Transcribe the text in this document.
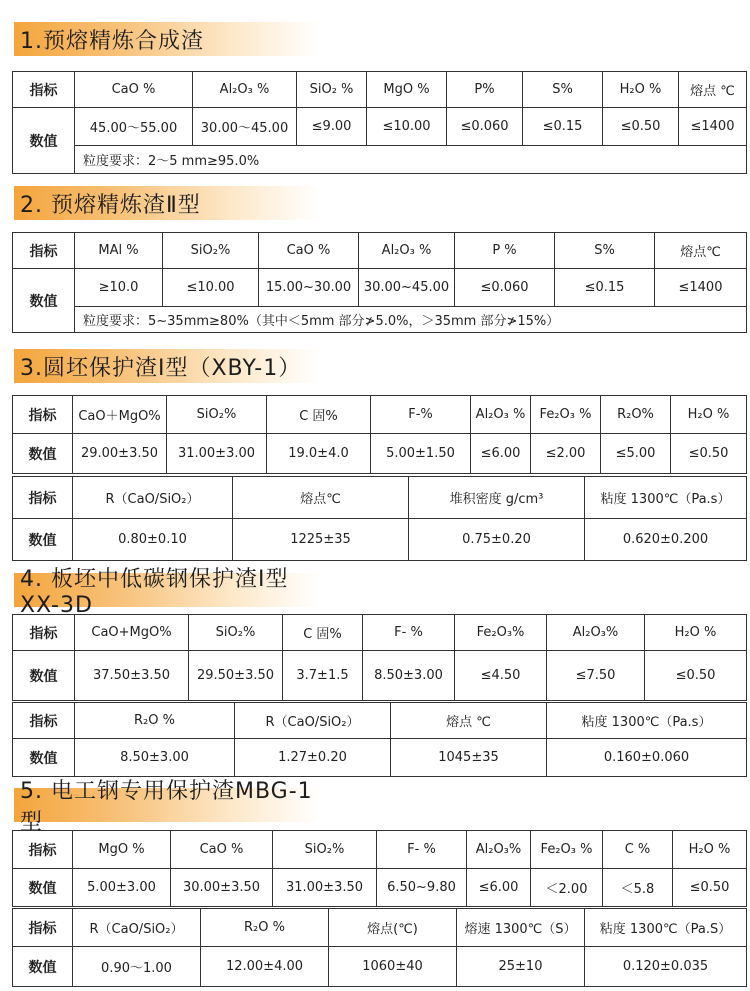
1.预熔精炼合成渣
指标	CaO %	Al₂O₃ %	SiO₂ %	MgO %	P%	S%	H₂O %	熔点 ℃
数值	45.00～55.00	30.00～45.00	≤9.00	≤10.00	≤0.060	≤0.15	≤0.50	≤1400
	粒度要求：2～5 mm≥95.0%							
2. 预熔精炼渣Ⅱ型
指标	MAl %	SiO₂%	CaO %	Al₂O₃ %	P %	S%	熔点℃
数值	≥10.0	≤10.00	15.00~30.00	30.00~45.00	≤0.060	≤0.15	≤1400
	粒度要求：5~35mm≥80%（其中＜5mm 部分≯5.0%，＞35mm 部分≯15%）						
3.圆坯保护渣Ⅰ型（XBY-1）
指标	CaO＋MgO%	SiO₂%	C 固%	F-%	Al₂O₃ %	Fe₂O₃ %	R₂O%	H₂O %
数值	29.00±3.50	31.00±3.00	19.0±4.0	5.00±1.50	≤6.00	≤2.00	≤5.00	≤0.50
指标	R（CaO/SiO₂）	熔点℃	堆积密度 g/cm³	粘度 1300℃（Pa.s）
数值	0.80±0.10	1225±35	0.75±0.20	0.620±0.200
4. 板坯中低碳钢保护渣Ⅰ型XX-3D
指标	CaO+MgO%	SiO₂%	C 固%	F- %	Fe₂O₃%	Al₂O₃%	H₂O %
数值	37.50±3.50	29.50±3.50	3.7±1.5	8.50±3.00	≤4.50	≤7.50	≤0.50
指标	R₂O %	R（CaO/SiO₂）	熔点 ℃	粘度 1300℃（Pa.s）
数值	8.50±3.00	1.27±0.20	1045±35	0.160±0.060
5. 电工钢专用保护渣MBG-1型
指标	MgO %	CaO %	SiO₂%	F- %	Al₂O₃%	Fe₂O₃ %	C %	H₂O %
数值	5.00±3.00	30.00±3.50	31.00±3.50	6.50~9.80	≤6.00	＜2.00	＜5.8	≤0.50
指标	R（CaO/SiO₂）	R₂O %	熔点(℃)	熔速 1300℃（S）	粘度 1300℃（Pa.S）
数值	0.90～1.00	12.00±4.00	1060±40	25±10	0.120±0.035
